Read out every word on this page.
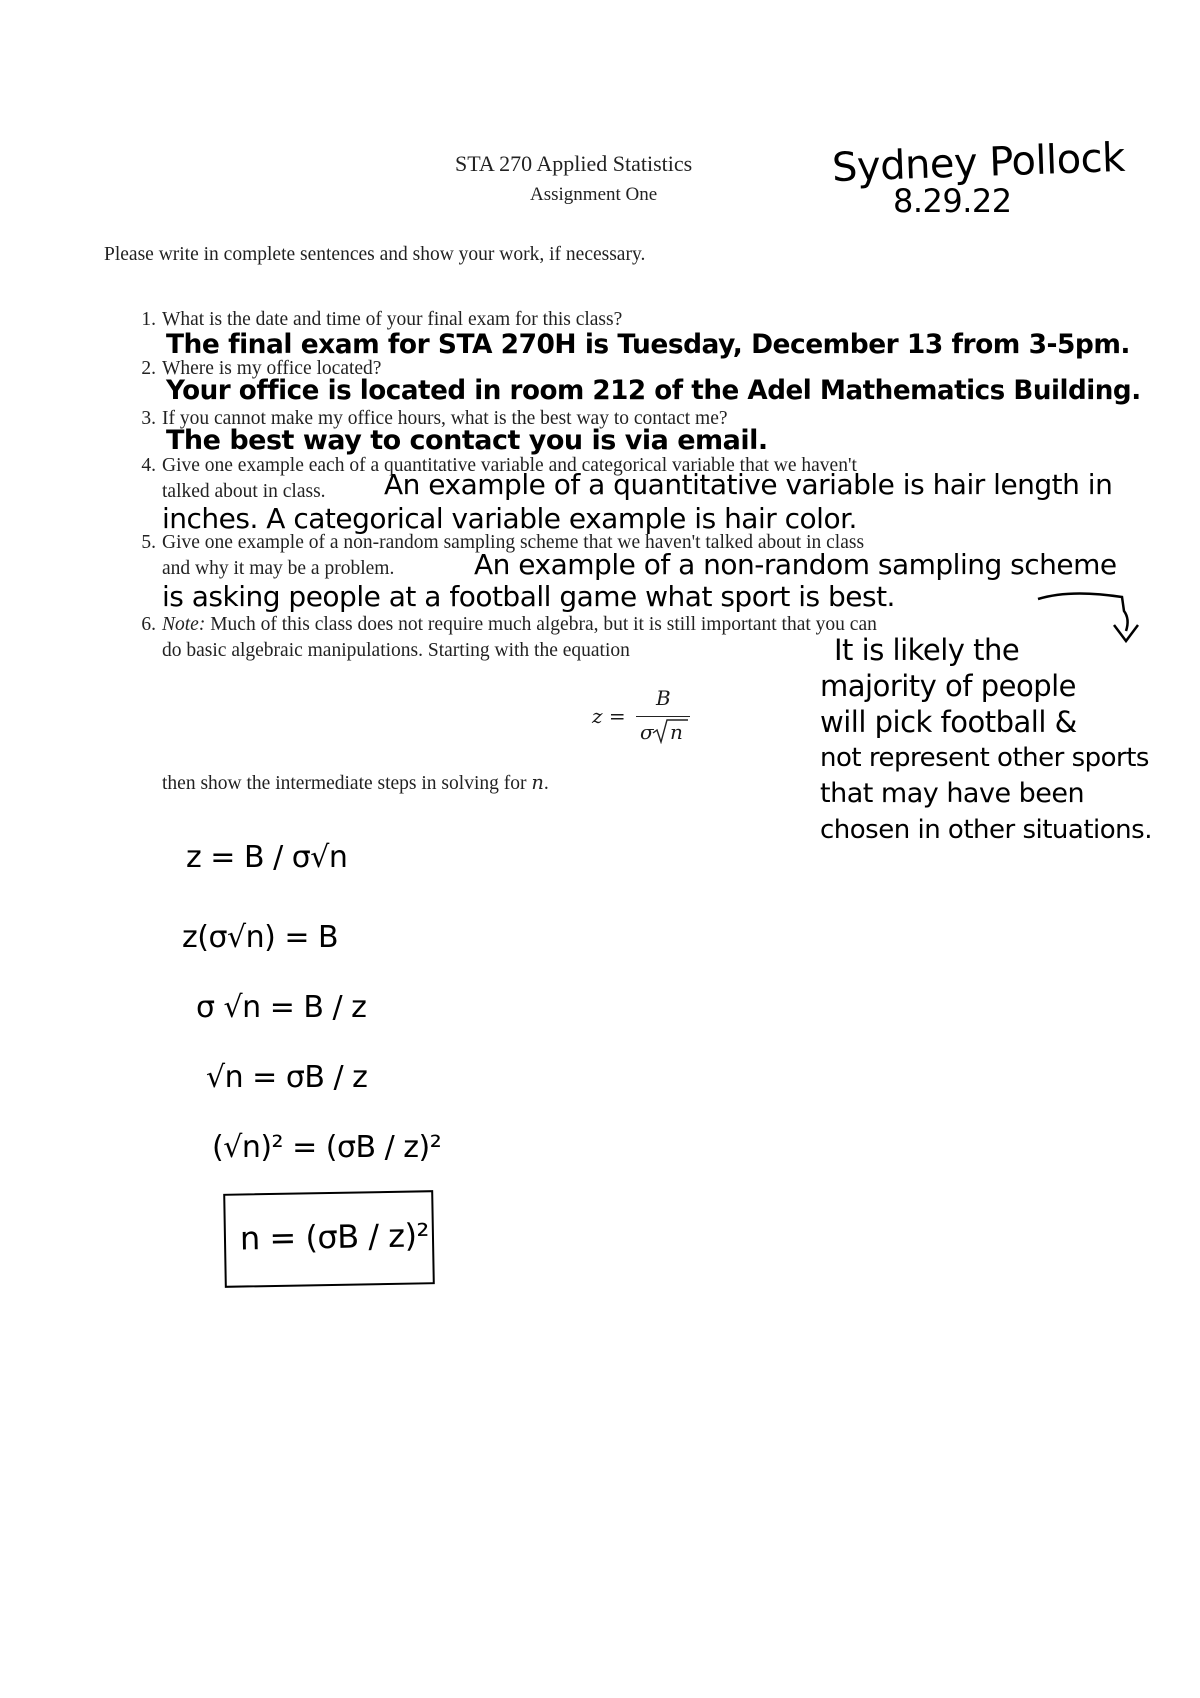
STA 270 Applied Statistics
Assignment One
Sydney Pollock
8.29.22
Please write in complete sentences and show your work, if necessary.
1. What is the date and time of your final exam for this class?
The final exam for STA 270H is Tuesday, December 13 from 3-5pm.
2. Where is my office located?
Your office is located in room 212 of the Adel Mathematics Building.
3. If you cannot make my office hours, what is the best way to contact me?
The best way to contact you is via email.
4. Give one example each of a quantitative variable and categorical variable that we haven't
talked about in class.	An example of a quantitative variable is hair length in
inches. A categorical variable example is hair color.
5. Give one example of a non-random sampling scheme that we haven't talked about in class
and why it may be a problem.	An example of a non-random sampling scheme
is asking people at a football game what sport is best.
6. Note: Much of this class does not require much algebra, but it is still important that you can
do basic algebraic manipulations. Starting with the equation
z =
B
σ n
then show the intermediate steps in solving for n.
It is likely the
majority of people
will pick football &
not represent other sports
that may have been
chosen in other situations.
z = B / σ√n
z(σ√n) = B
σ √n = B / z
√n = σB / z
(√n)² = (σB / z)²
n = (σB / z)²
